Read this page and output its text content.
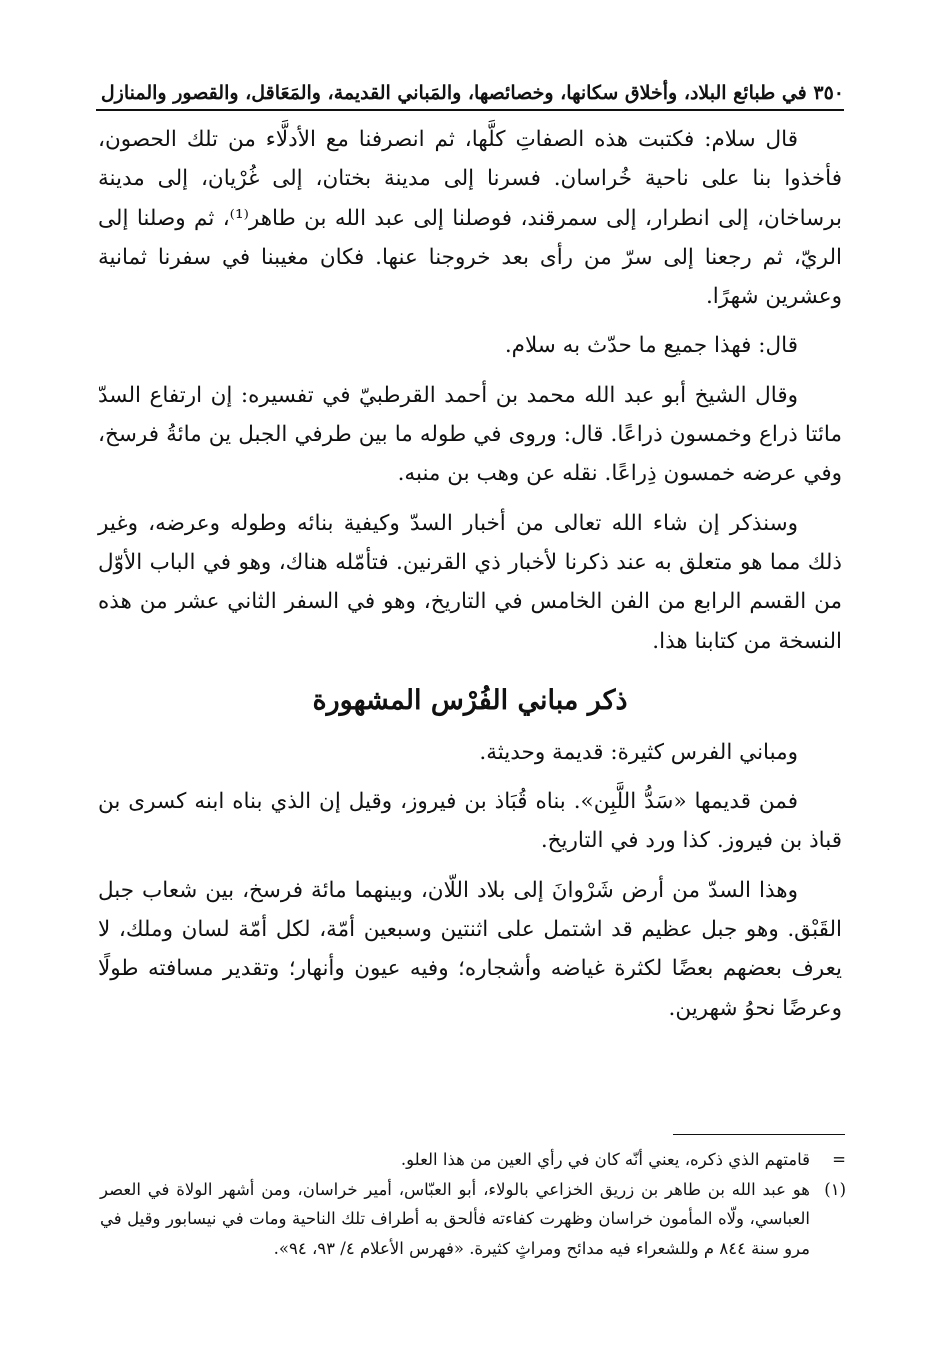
٣٥٠ في طبائع البلاد، وأخلاق سكانها، وخصائصها، والمَباني القديمة، والمَعَاقل، والقصور والمنازل

قال سلام: فكتبت هذه الصفاتِ كلَّها، ثم انصرفنا مع الأدلَّاء من تلك الحصون، فأخذوا بنا على ناحية خُراسان. فسرنا إلى مدينة بختان، إلى غُرْيان، إلى مدينة برساخان، إلى انطرار، إلى سمرقند، فوصلنا إلى عبد الله بن طاهر⁽¹⁾، ثم وصلنا إلى الريّ، ثم رجعنا إلى سرّ من رأى بعد خروجنا عنها. فكان مغيبنا في سفرنا ثمانية وعشرين شهرًا.

قال: فهذا جميع ما حدّث به سلام.

وقال الشيخ أبو عبد الله محمد بن أحمد القرطبيّ في تفسيره: إن ارتفاع السدّ مائتا ذراع وخمسون ذراعًا. قال: وروى في طوله ما بين طرفي الجبل ين مائةُ فرسخ، وفي عرضه خمسون ذِراعًا. نقله عن وهب بن منبه.

وسنذكر إن شاء الله تعالى من أخبار السدّ وكيفية بنائه وطوله وعرضه، وغير ذلك مما هو متعلق به عند ذكرنا لأخبار ذي القرنين. فتأمّله هناك، وهو في الباب الأوّل من القسم الرابع من الفن الخامس في التاريخ، وهو في السفر الثاني عشر من هذه النسخة من كتابنا هذا.

ذكر مباني الفُرْس المشهورة

ومباني الفرس كثيرة: قديمة وحديثة.

فمن قديمها «سَدُّ اللَّبِن». بناه قُبَاذ بن فيروز، وقيل إن الذي بناه ابنه كسرى بن قباذ بن فيروز. كذا ورد في التاريخ.

وهذا السدّ من أرض شَرْوانَ إلى بلاد اللّان، وبينهما مائة فرسخ، بين شعاب جبل القَبْق. وهو جبل عظيم قد اشتمل على اثنتين وسبعين أمّة، لكل أمّة لسان وملك، لا يعرف بعضهم بعضًا لكثرة غياضه وأشجاره؛ وفيه عيون وأنهار؛ وتقدير مسافته طولًا وعرضًا نحوُ شهرين.

=
قامتهم الذي ذكره، يعني أنّه كان في رأي العين من هذا العلو.
(١)
هو عبد الله بن طاهر بن زريق الخزاعي بالولاء، أبو العبّاس، أمير خراسان، ومن أشهر الولاة في العصر العباسي، ولّاه المأمون خراسان وظهرت كفاءته فألحق به أطراف تلك الناحية ومات في نيسابور وقيل في مرو سنة ٨٤٤ م وللشعراء فيه مدائح ومراثٍ كثيرة. «فهرس الأعلام ٤/ ٩٣، ٩٤».
